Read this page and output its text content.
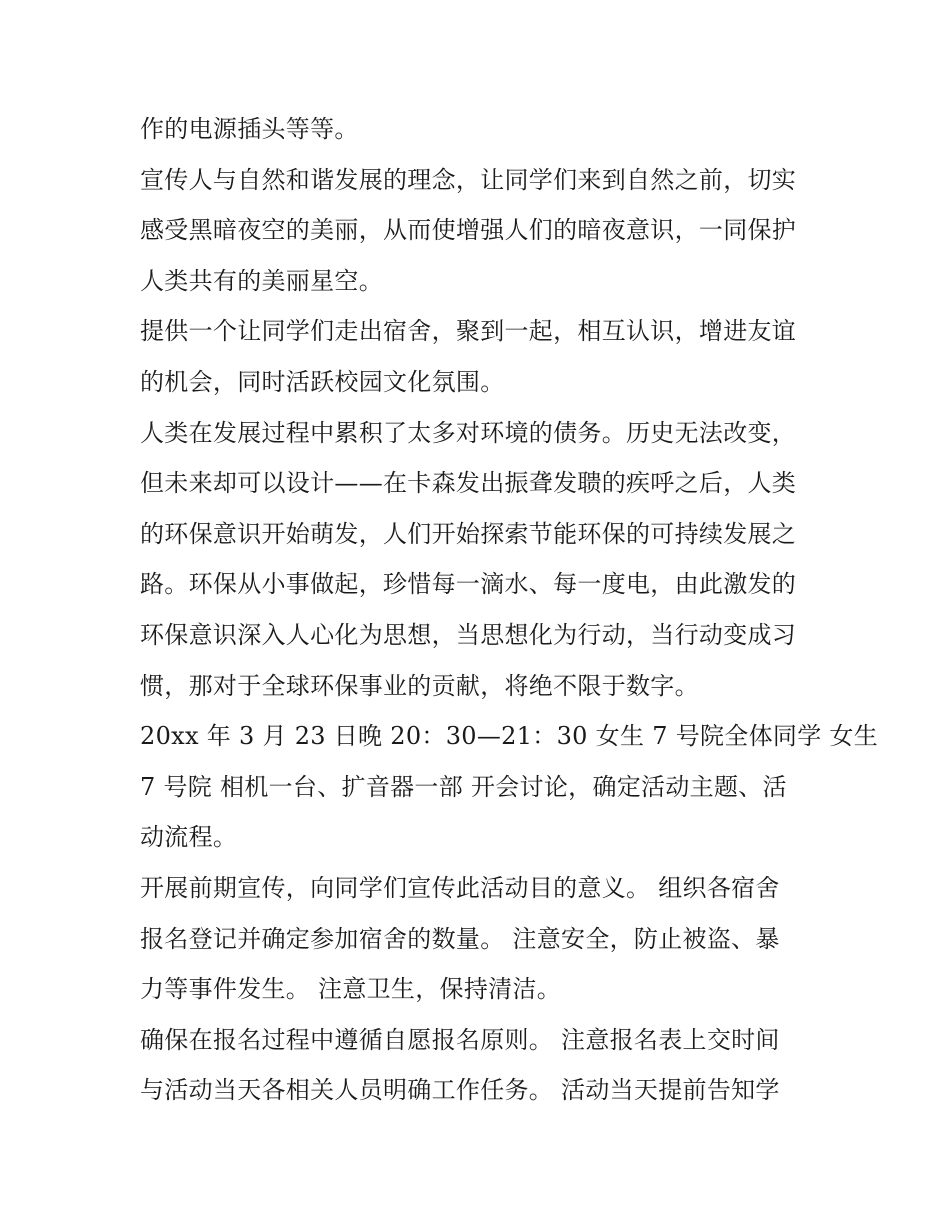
作的电源插头等等。
宣传人与自然和谐发展的理念，让同学们来到自然之前，切实
感受黑暗夜空的美丽，从而使增强人们的暗夜意识，一同保护
人类共有的美丽星空。
提供一个让同学们走出宿舍，聚到一起，相互认识，增进友谊
的机会，同时活跃校园文化氛围。
人类在发展过程中累积了太多对环境的债务。历史无法改变，
但未来却可以设计——在卡森发出振聋发聩的疾呼之后，人类
的环保意识开始萌发，人们开始探索节能环保的可持续发展之
路。环保从小事做起，珍惜每一滴水、每一度电，由此激发的
环保意识深入人心化为思想，当思想化为行动，当行动变成习
惯，那对于全球环保事业的贡献，将绝不限于数字。
20xx 年 3 月 23 日晚 20：30—21：30 女生 7 号院全体同学 女生
7 号院 相机一台、扩音器一部 开会讨论，确定活动主题、活
动流程。
开展前期宣传，向同学们宣传此活动目的意义。 组织各宿舍
报名登记并确定参加宿舍的数量。 注意安全，防止被盗、暴
力等事件发生。 注意卫生，保持清洁。
确保在报名过程中遵循自愿报名原则。 注意报名表上交时间
与活动当天各相关人员明确工作任务。 活动当天提前告知学
